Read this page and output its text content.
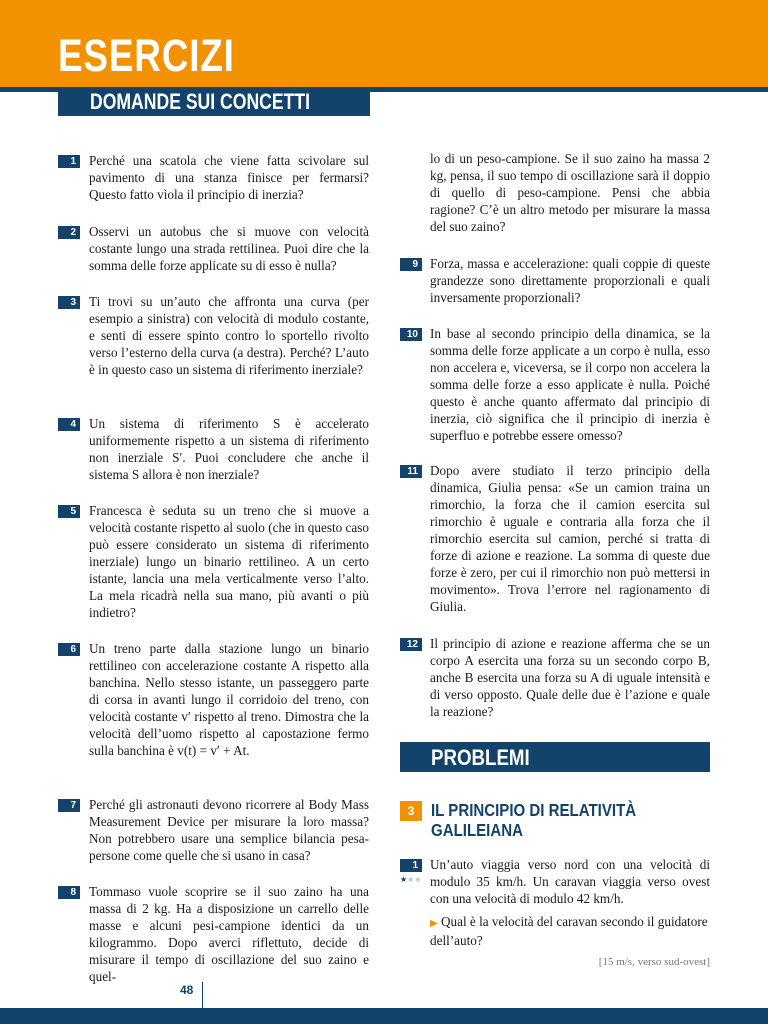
ESERCIZI
DOMANDE SUI CONCETTI
1 Perché una scatola che viene fatta scivolare sul pavimento di una stanza finisce per fermarsi? Questo fatto vìola il principio di inerzia?
2 Osservi un autobus che si muove con velocità costante lungo una strada rettilinea. Puoi dire che la somma delle forze applicate su di esso è nulla?
3 Ti trovi su un’auto che affronta una curva (per esempio a sinistra) con velocità di modulo costante, e senti di essere spinto contro lo sportello rivolto verso l’esterno della curva (a destra). Perché? L’auto è in questo caso un sistema di riferimento inerziale?
4 Un sistema di riferimento S è accelerato uniformemente rispetto a un sistema di riferimento non inerziale S′. Puoi concludere che anche il sistema S allora è non inerziale?
5 Francesca è seduta su un treno che si muove a velocità costante rispetto al suolo (che in questo caso può essere considerato un sistema di riferimento inerziale) lungo un binario rettilineo. A un certo istante, lancia una mela verticalmente verso l’alto. La mela ricadrà nella sua mano, più avanti o più indietro?
6 Un treno parte dalla stazione lungo un binario rettilineo con accelerazione costante A rispetto alla banchina. Nello stesso istante, un passeggero parte di corsa in avanti lungo il corridoio del treno, con velocità costante v′ rispetto al treno. Dimostra che la velocità dell’uomo rispetto al capostazione fermo sulla banchina è v(t) = v′ + At.
7 Perché gli astronauti devono ricorrere al Body Mass Measurement Device per misurare la loro massa? Non potrebbero usare una semplice bilancia pesa-persone come quelle che si usano in casa?
8 Tommaso vuole scoprire se il suo zaino ha una massa di 2 kg. Ha a disposizione un carrello delle masse e alcuni pesi-campione identici da un kilogrammo. Dopo averci riflettuto, decide di misurare il tempo di oscillazione del suo zaino e quel-
lo di un peso-campione. Se il suo zaino ha massa 2 kg, pensa, il suo tempo di oscillazione sarà il doppio di quello di peso-campione. Pensi che abbia ragione? C’è un altro metodo per misurare la massa del suo zaino?
9 Forza, massa e accelerazione: quali coppie di queste grandezze sono direttamente proporzionali e quali inversamente proporzionali?
10 In base al secondo principio della dinamica, se la somma delle forze applicate a un corpo è nulla, esso non accelera e, viceversa, se il corpo non accelera la somma delle forze a esso applicate è nulla. Poiché questo è anche quanto affermato dal principio di inerzia, ciò significa che il principio di inerzia è superfluo e potrebbe essere omesso?
11 Dopo avere studiato il terzo principio della dinamica, Giulia pensa: «Se un camion traina un rimorchio, la forza che il camion esercita sul rimorchio è uguale e contraria alla forza che il rimorchio esercita sul camion, perché si tratta di forze di azione e reazione. La somma di queste due forze è zero, per cui il rimorchio non può mettersi in movimento». Trova l’errore nel ragionamento di Giulia.
12 Il principio di azione e reazione afferma che se un corpo A esercita una forza su un secondo corpo B, anche B esercita una forza su A di uguale intensità e di verso opposto. Quale delle due è l’azione e quale la reazione?
PROBLEMI
3 IL PRINCIPIO DI RELATIVITÀ GALILEIANA
1
★★★
Un’auto viaggia verso nord con una velocità di modulo 35 km/h. Un caravan viaggia verso ovest con una velocità di modulo 42 km/h.
▶ Qual è la velocità del caravan secondo il guidatore dell’auto?
[15 m/s, verso sud-ovest]
48
